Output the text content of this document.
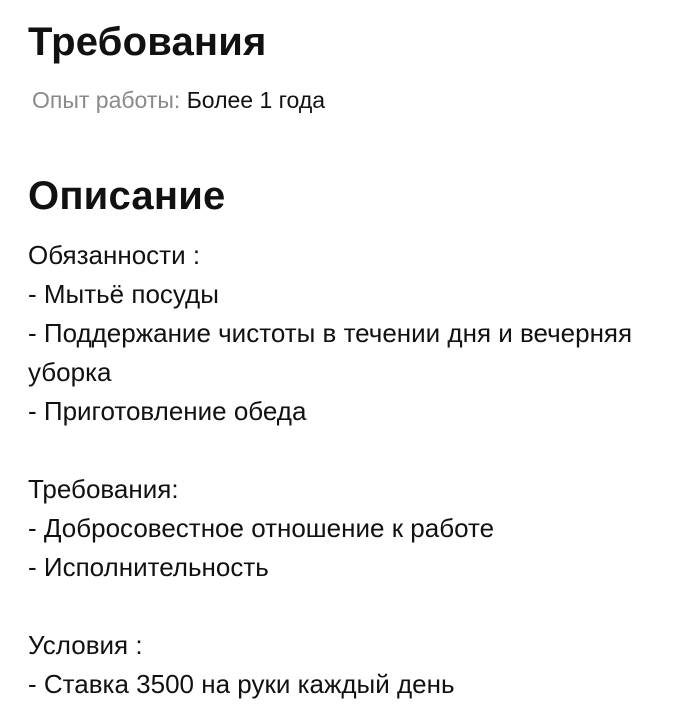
Требования
Опыт работы: Более 1 года
Описание

Обязанности :

- Мытьё посуды

- Поддержание чистоты в течении дня и вечерняя уборка

- Приготовление обеда

Требования:

- Добросовестное отношение к работе

- Исполнительность

Условия :

- Ставка 3500 на руки каждый день
